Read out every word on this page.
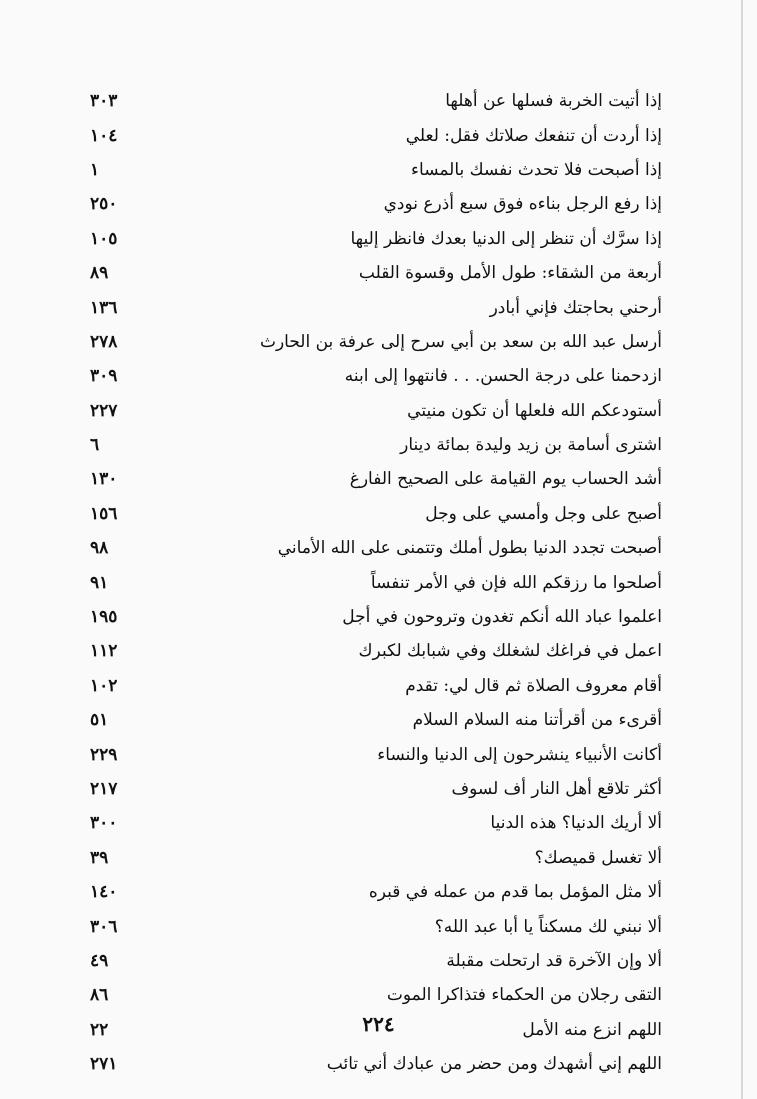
٣٠٣	إذا أتيت الخربة فسلها عن أهلها
١٠٤	إذا أردت أن تنفعك صلاتك فقل: لعلي
١	إذا أصبحت فلا تحدث نفسك بالمساء
٢٥٠	إذا رفع الرجل بناءه فوق سبع أذرع نودي
١٠٥	إذا سرَّك أن تنظر إلى الدنيا بعدك فانظر إليها
٨٩	أربعة من الشقاء: طول الأمل وقسوة القلب
١٣٦	أرحني بحاجتك فإني أبادر
٢٧٨	أرسل عبد الله بن سعد بن أبي سرح إلى عرفة بن الحارث
٣٠٩	ازدحمنا على درجة الحسن. . . فانتهوا إلى ابنه
٢٢٧	أستودعكم الله فلعلها أن تكون منيتي
٦	اشترى أسامة بن زيد وليدة بمائة دينار
١٣٠	أشد الحساب يوم القيامة على الصحيح الفارغ
١٥٦	أصبح على وجل وأمسي على وجل
٩٨	أصبحت تجدد الدنيا بطول أملك وتتمنى على الله الأماني
٩١	أصلحوا ما رزقكم الله فإن في الأمر تنفساً
١٩٥	اعلموا عباد الله أنكم تغدون وتروحون في أجل
١١٢	اعمل في فراغك لشغلك وفي شبابك لكبرك
١٠٢	أقام معروف الصلاة ثم قال لي: تقدم
٥١	أقرىء من أقرأتنا منه السلام السلام
٢٢٩	أكانت الأنبياء ينشرحون إلى الدنيا والنساء
٢١٧	أكثر تلاقع أهل النار أف لسوف
٣٠٠	ألا أريك الدنيا؟ هذه الدنيا
٣٩	ألا تغسل قميصك؟
١٤٠	ألا مثل المؤمل بما قدم من عمله في قبره
٣٠٦	ألا نبني لك مسكناً يا أبا عبد الله؟
٤٩	ألا وإن الآخرة قد ارتحلت مقبلة
٨٦	التقى رجلان من الحكماء فتذاكرا الموت
٢٢	اللهم انزع منه الأمل
٢٧١	اللهم إني أشهدك ومن حضر من عبادك أني تائب
٢٢٤
